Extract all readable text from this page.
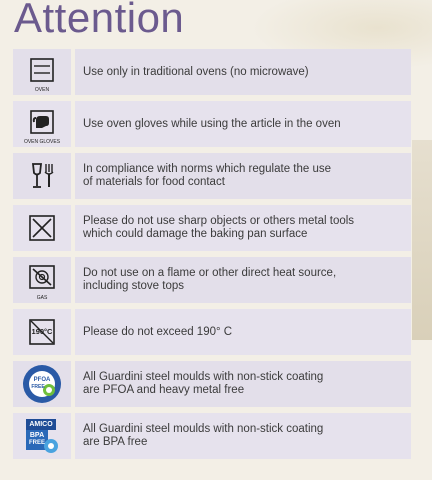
Attention
OVEN
Use only in traditional ovens (no microwave)
OVEN GLOVES
Use oven gloves while using the article in the oven
In compliance with norms which regulate the use
of materials for food contact
Please do not use sharp objects or others metal tools
which could damage the baking pan surface
GAS
Do not use on a flame or other direct heat source,
including stove tops
190°C	Please do not exceed 190° C
PFOA
FREE
All Guardini steel moulds with non-stick coating
are PFOA and heavy metal free
AMICO
BPA
FREE
All Guardini steel moulds with non-stick coating
are BPA free
